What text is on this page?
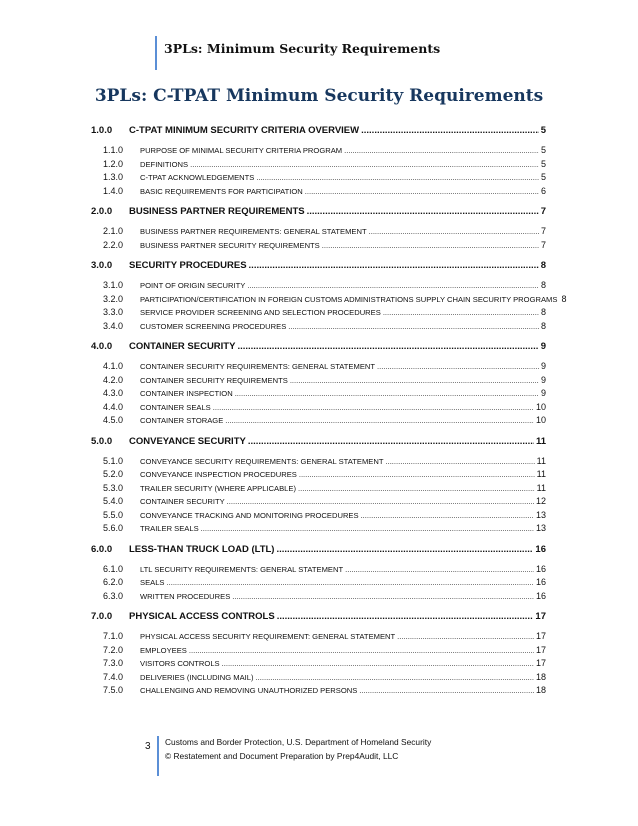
3PLs: Minimum Security Requirements
3PLs: C-TPAT Minimum Security Requirements
1.0.0	C-TPAT MINIMUM SECURITY CRITERIA OVERVIEW .....	5
1.1.0	PURPOSE OF MINIMAL SECURITY CRITERIA PROGRAM .....	5
1.2.0	DEFINITIONS .....	5
1.3.0	C-TPAT ACKNOWLEDGEMENTS .....	5
1.4.0	BASIC REQUIREMENTS FOR PARTICIPATION .....	6
2.0.0	BUSINESS PARTNER REQUIREMENTS .....	7
2.1.0	BUSINESS PARTNER REQUIREMENTS: GENERAL STATEMENT .....	7
2.2.0	BUSINESS PARTNER SECURITY REQUIREMENTS .....	7
3.0.0	SECURITY PROCEDURES .....	8
3.1.0	POINT OF ORIGIN SECURITY .....	8
3.2.0	PARTICIPATION/CERTIFICATION IN FOREIGN CUSTOMS ADMINISTRATIONS SUPPLY CHAIN SECURITY PROGRAMS 8
3.3.0	SERVICE PROVIDER SCREENING AND SELECTION PROCEDURES .....	8
3.4.0	CUSTOMER SCREENING PROCEDURES .....	8
4.0.0	CONTAINER SECURITY .....	9
4.1.0	CONTAINER SECURITY REQUIREMENTS: GENERAL STATEMENT .....	9
4.2.0	CONTAINER SECURITY REQUIREMENTS .....	9
4.3.0	CONTAINER INSPECTION .....	9
4.4.0	CONTAINER SEALS .....	10
4.5.0	CONTAINER STORAGE .....	10
5.0.0	CONVEYANCE SECURITY .....	11
5.1.0	CONVEYANCE SECURITY REQUIREMENTS: GENERAL STATEMENT .....	11
5.2.0	CONVEYANCE INSPECTION PROCEDURES .....	11
5.3.0	TRAILER SECURITY (WHERE APPLICABLE) .....	11
5.4.0	CONTAINER SECURITY .....	12
5.5.0	CONVEYANCE TRACKING AND MONITORING PROCEDURES .....	13
5.6.0	TRAILER SEALS .....	13
6.0.0	LESS-THAN TRUCK LOAD (LTL) .....	16
6.1.0	LTL SECURITY REQUIREMENTS: GENERAL STATEMENT .....	16
6.2.0	SEALS .....	16
6.3.0	WRITTEN PROCEDURES .....	16
7.0.0	PHYSICAL ACCESS CONTROLS .....	17
7.1.0	PHYSICAL ACCESS SECURITY REQUIREMENT: GENERAL STATEMENT .....	17
7.2.0	EMPLOYEES .....	17
7.3.0	VISITORS CONTROLS .....	17
7.4.0	DELIVERIES (INCLUDING MAIL) .....	18
7.5.0	CHALLENGING AND REMOVING UNAUTHORIZED PERSONS .....	18
3 Customs and Border Protection, U.S. Department of Homeland Security
© Restatement and Document Preparation by Prep4Audit, LLC
